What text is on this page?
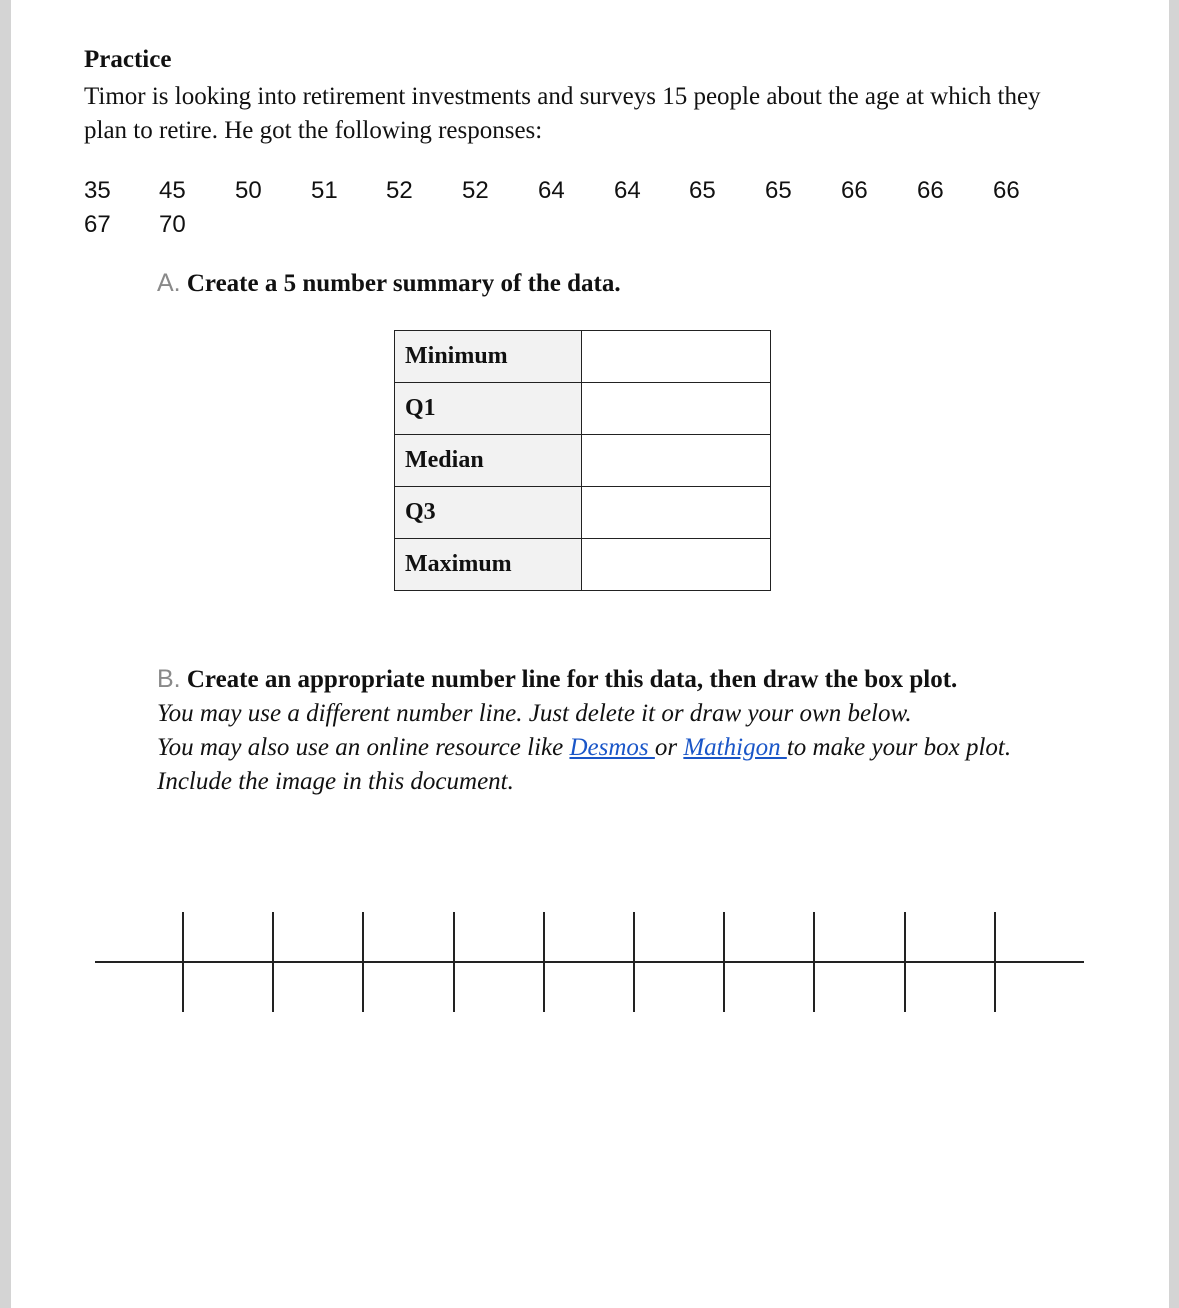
Practice
Timor is looking into retirement investments and surveys 15 people about the age at which they plan to retire. He got the following responses:
35 45 50 51 52 52 64 64 65 65 66 66 66
67 70
A. Create a 5 number summary of the data.
Minimum	
Q1	
Median	
Q3	
Maximum	
B. Create an appropriate number line for this data, then draw the box plot.
You may use a different number line. Just delete it or draw your own below.
You may also use an online resource like Desmos or Mathigon to make your box plot.
Include the image in this document.
